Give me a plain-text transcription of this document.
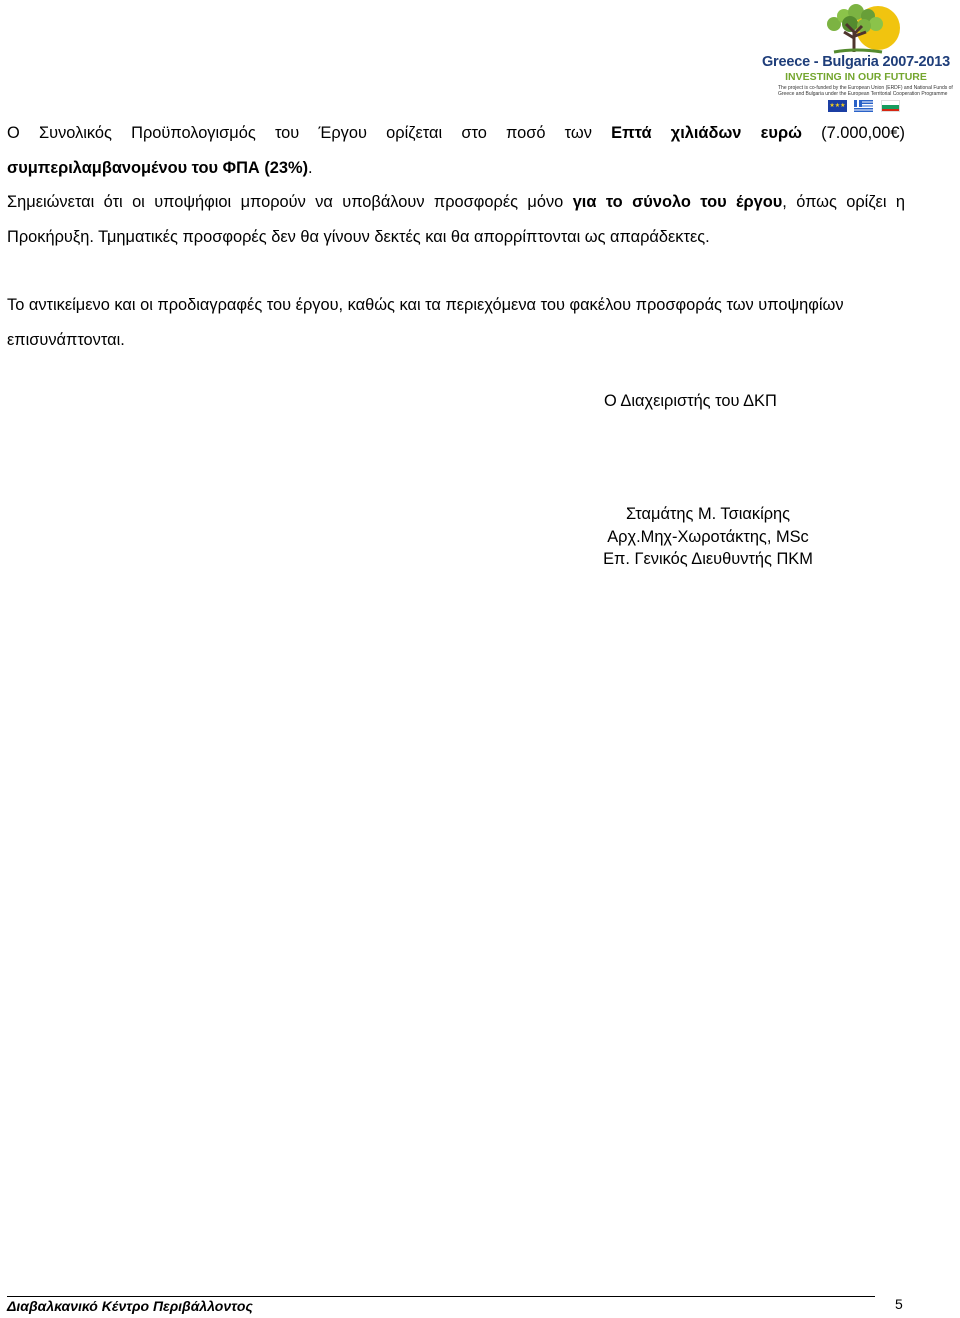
Greece - Bulgaria 2007-2013
INVESTING IN OUR FUTURE
The project is co-funded by the European Union (ERDF) and National Funds of Greece and Bulgaria under the European Territorial Cooperation Programme
★★★

Ο Συνολικός Προϋπολογισμός του Έργου ορίζεται στο ποσό των Επτά χιλιάδων ευρώ (7.000,00€) συμπεριλαμβανομένου του ΦΠΑ (23%).

Σημειώνεται ότι οι υποψήφιοι μπορούν να υποβάλουν προσφορές μόνο για το σύνολο του έργου, όπως ορίζει η Προκήρυξη. Τμηματικές προσφορές δεν θα γίνουν δεκτές και θα απορρίπτονται ως απαράδεκτες.

Το αντικείμενο και οι προδιαγραφές του έργου, καθώς και τα περιεχόμενα του φακέλου προσφοράς των υποψηφίων επισυνάπτονται.

Ο Διαχειριστής του ΔΚΠ
Σταμάτης Μ. Τσιακίρης
Αρχ.Μηχ-Χωροτάκτης, MSc
Επ. Γενικός Διευθυντής ΠΚΜ
Διαβαλκανικό Κέντρο Περιβάλλοντος	5
